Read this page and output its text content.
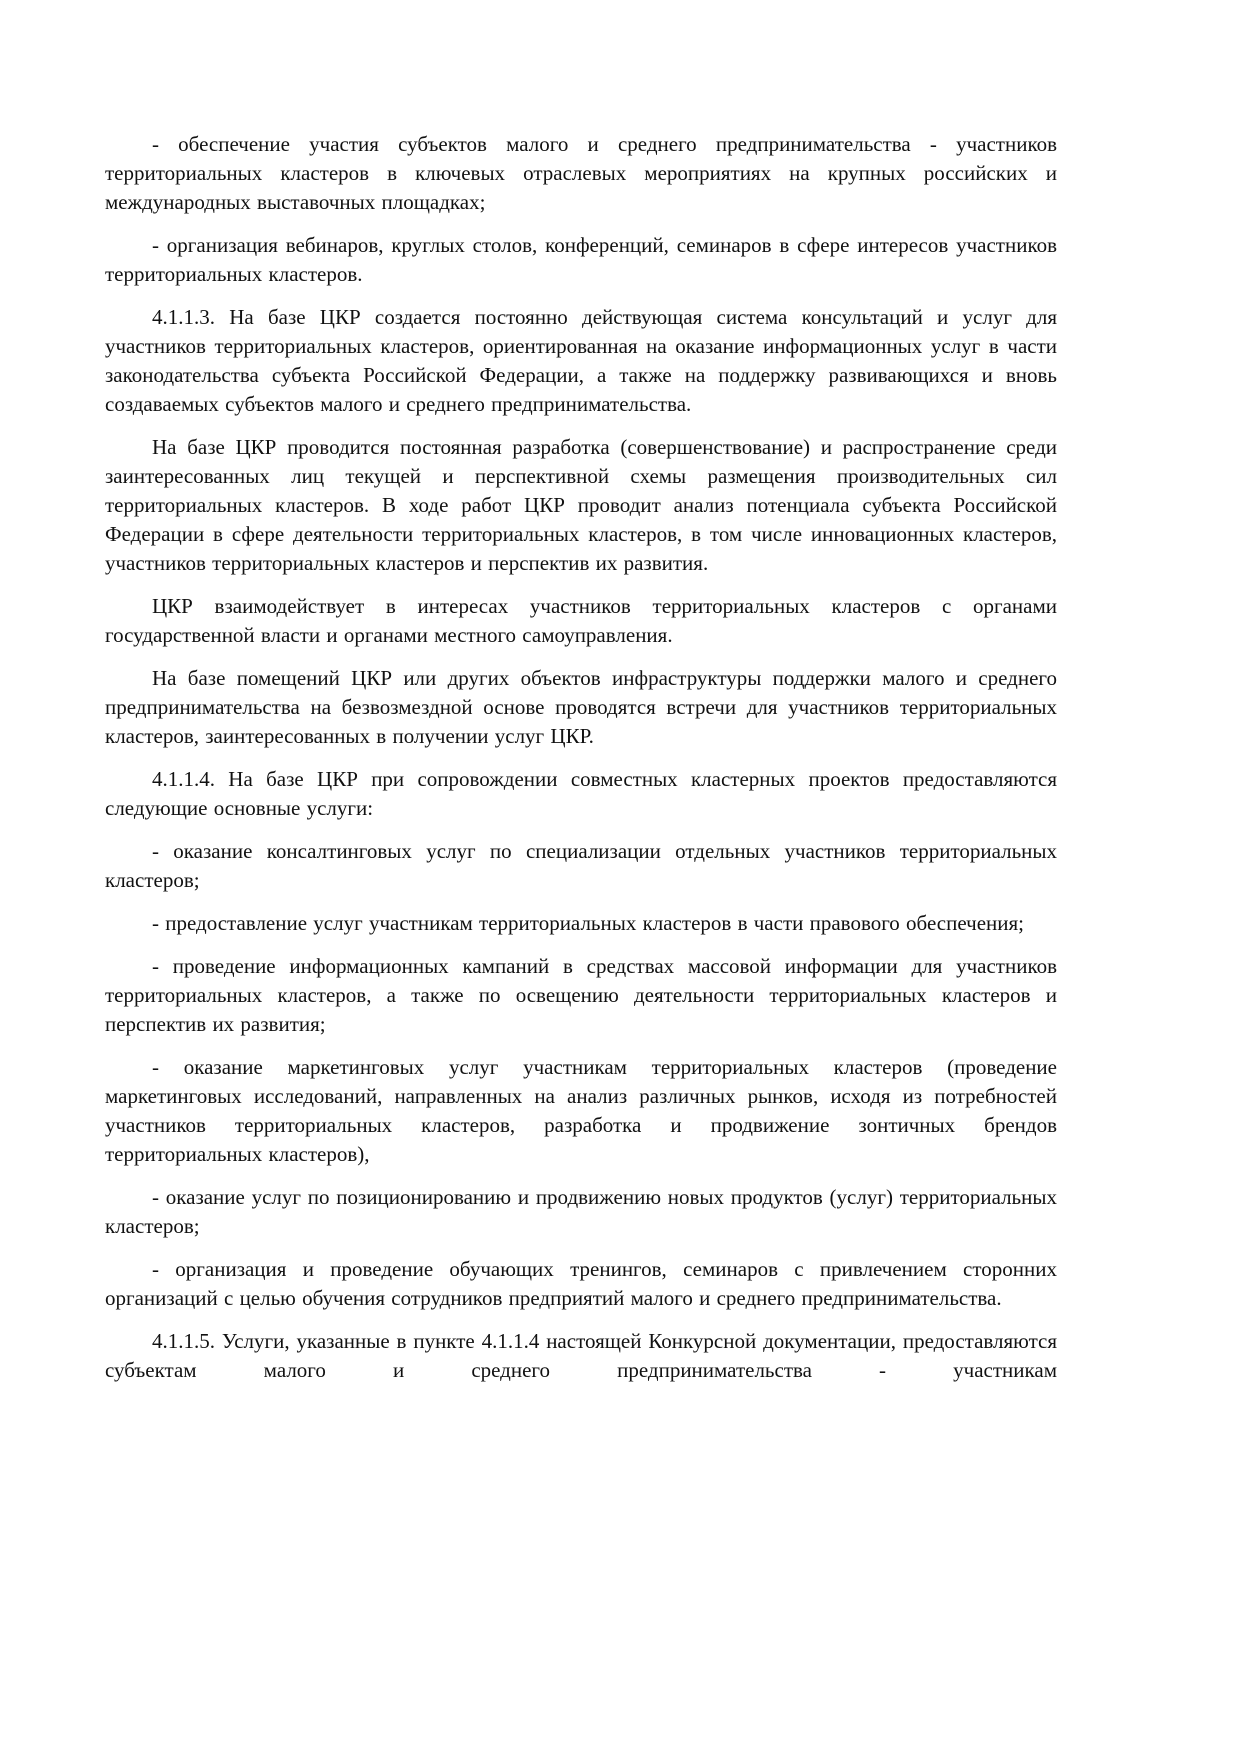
- обеспечение участия субъектов малого и среднего предпринимательства - участников территориальных кластеров в ключевых отраслевых мероприятиях на крупных российских и международных выставочных площадках;

- организация вебинаров, круглых столов, конференций, семинаров в сфере интересов участников территориальных кластеров.

4.1.1.3. На базе ЦКР создается постоянно действующая система консультаций и услуг для участников территориальных кластеров, ориентированная на оказание информационных услуг в части законодательства субъекта Российской Федерации, а также на поддержку развивающихся и вновь создаваемых субъектов малого и среднего предпринимательства.

На базе ЦКР проводится постоянная разработка (совершенствование) и распространение среди заинтересованных лиц текущей и перспективной схемы размещения производительных сил территориальных кластеров. В ходе работ ЦКР проводит анализ потенциала субъекта Российской Федерации в сфере деятельности территориальных кластеров, в том числе инновационных кластеров, участников территориальных кластеров и перспектив их развития.

ЦКР взаимодействует в интересах участников территориальных кластеров с органами государственной власти и органами местного самоуправления.

На базе помещений ЦКР или других объектов инфраструктуры поддержки малого и среднего предпринимательства на безвозмездной основе проводятся встречи для участников территориальных кластеров, заинтересованных в получении услуг ЦКР.

4.1.1.4. На базе ЦКР при сопровождении совместных кластерных проектов предоставляются следующие основные услуги:

- оказание консалтинговых услуг по специализации отдельных участников территориальных кластеров;

- предоставление услуг участникам территориальных кластеров в части правового обеспечения;

- проведение информационных кампаний в средствах массовой информации для участников территориальных кластеров, а также по освещению деятельности территориальных кластеров и перспектив их развития;

- оказание маркетинговых услуг участникам территориальных кластеров (проведение маркетинговых исследований, направленных на анализ различных рынков, исходя из потребностей участников территориальных кластеров, разработка и продвижение зонтичных брендов территориальных кластеров),

- оказание услуг по позиционированию и продвижению новых продуктов (услуг) территориальных кластеров;

- организация и проведение обучающих тренингов, семинаров с привлечением сторонних организаций с целью обучения сотрудников предприятий малого и среднего предпринимательства.

4.1.1.5. Услуги, указанные в пункте 4.1.1.4 настоящей Конкурсной документации, предоставляются субъектам малого и среднего предпринимательства - участникам
